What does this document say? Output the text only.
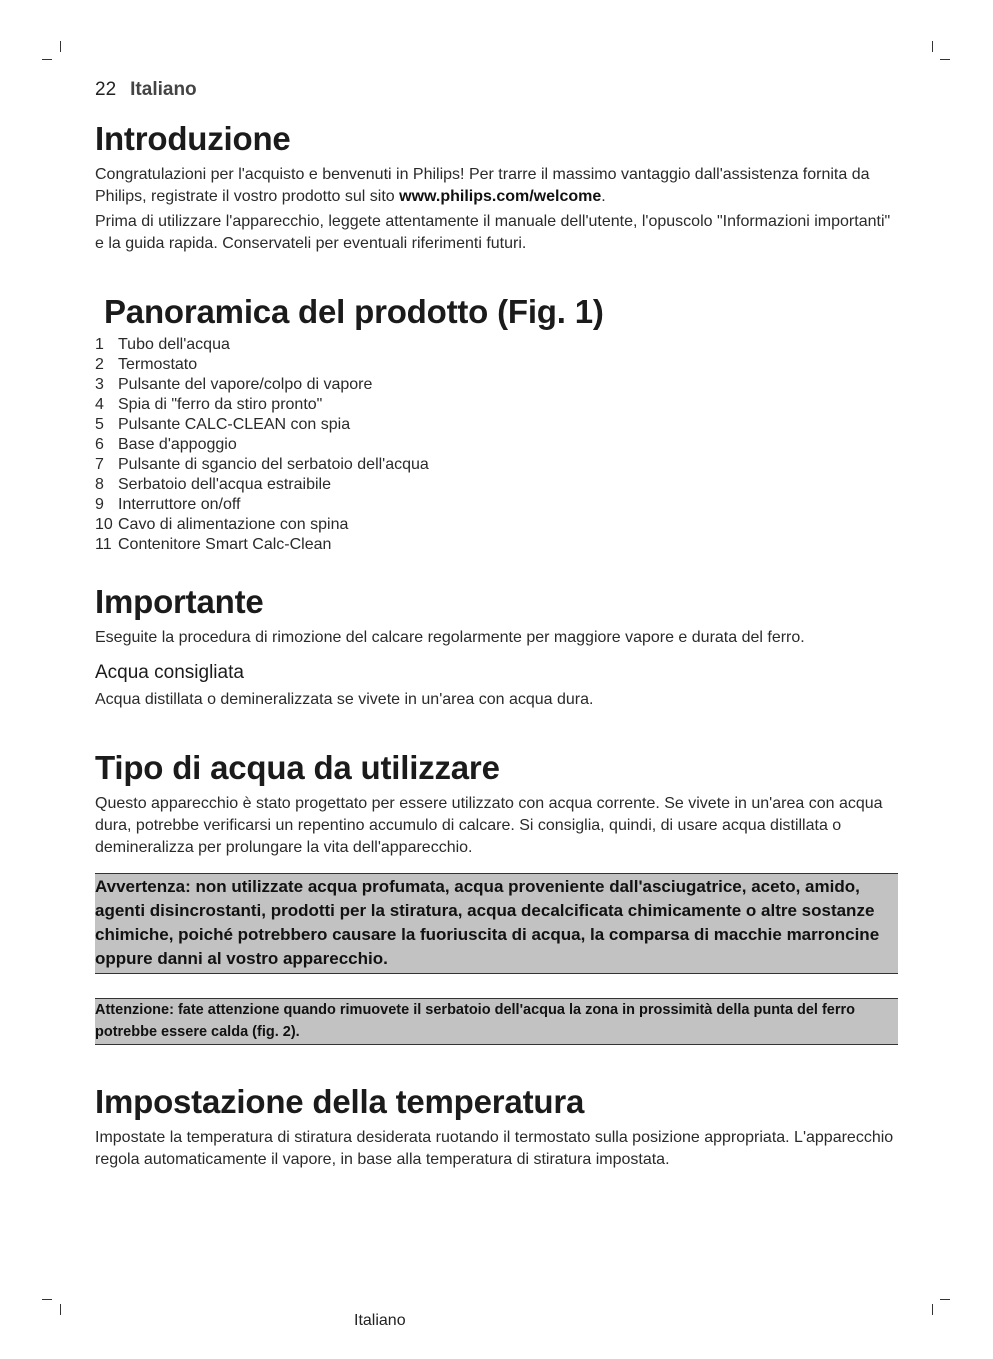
22 Italiano
Introduzione

Congratulazioni per l'acquisto e benvenuti in Philips! Per trarre il massimo vantaggio dall'assistenza fornita da Philips, registrate il vostro prodotto sul sito www.philips.com/welcome.

Prima di utilizzare l'apparecchio, leggete attentamente il manuale dell'utente, l'opuscolo "Informazioni importanti" e la guida rapida. Conservateli per eventuali riferimenti futuri.

Panoramica del prodotto (Fig. 1)
1 Tubo dell'acqua
2 Termostato
3 Pulsante del vapore/colpo di vapore
4 Spia di "ferro da stiro pronto"
5 Pulsante CALC-CLEAN con spia
6 Base d'appoggio
7 Pulsante di sgancio del serbatoio dell'acqua
8 Serbatoio dell'acqua estraibile
9 Interruttore on/off
10 Cavo di alimentazione con spina
11 Contenitore Smart Calc-Clean
Importante

Eseguite la procedura di rimozione del calcare regolarmente per maggiore vapore e durata del ferro.

Acqua consigliata

Acqua distillata o demineralizzata se vivete in un'area con acqua dura.

Tipo di acqua da utilizzare

Questo apparecchio è stato progettato per essere utilizzato con acqua corrente. Se vivete in un'area con acqua dura, potrebbe verificarsi un repentino accumulo di calcare. Si consiglia, quindi, di usare acqua distillata o demineralizza per prolungare la vita dell'apparecchio.

Avvertenza: non utilizzate acqua profumata, acqua proveniente dall'asciugatrice, aceto, amido, agenti disincrostanti, prodotti per la stiratura, acqua decalcificata chimicamente o altre sostanze chimiche, poiché potrebbero causare la fuoriuscita di acqua, la comparsa di macchie marroncine oppure danni al vostro apparecchio.
Attenzione: fate attenzione quando rimuovete il serbatoio dell'acqua la zona in prossimità della punta del ferro potrebbe essere calda (fig. 2).
Impostazione della temperatura

Impostate la temperatura di stiratura desiderata ruotando il termostato sulla posizione appropriata. L'apparecchio regola automaticamente il vapore, in base alla temperatura di stiratura impostata.

Italiano
